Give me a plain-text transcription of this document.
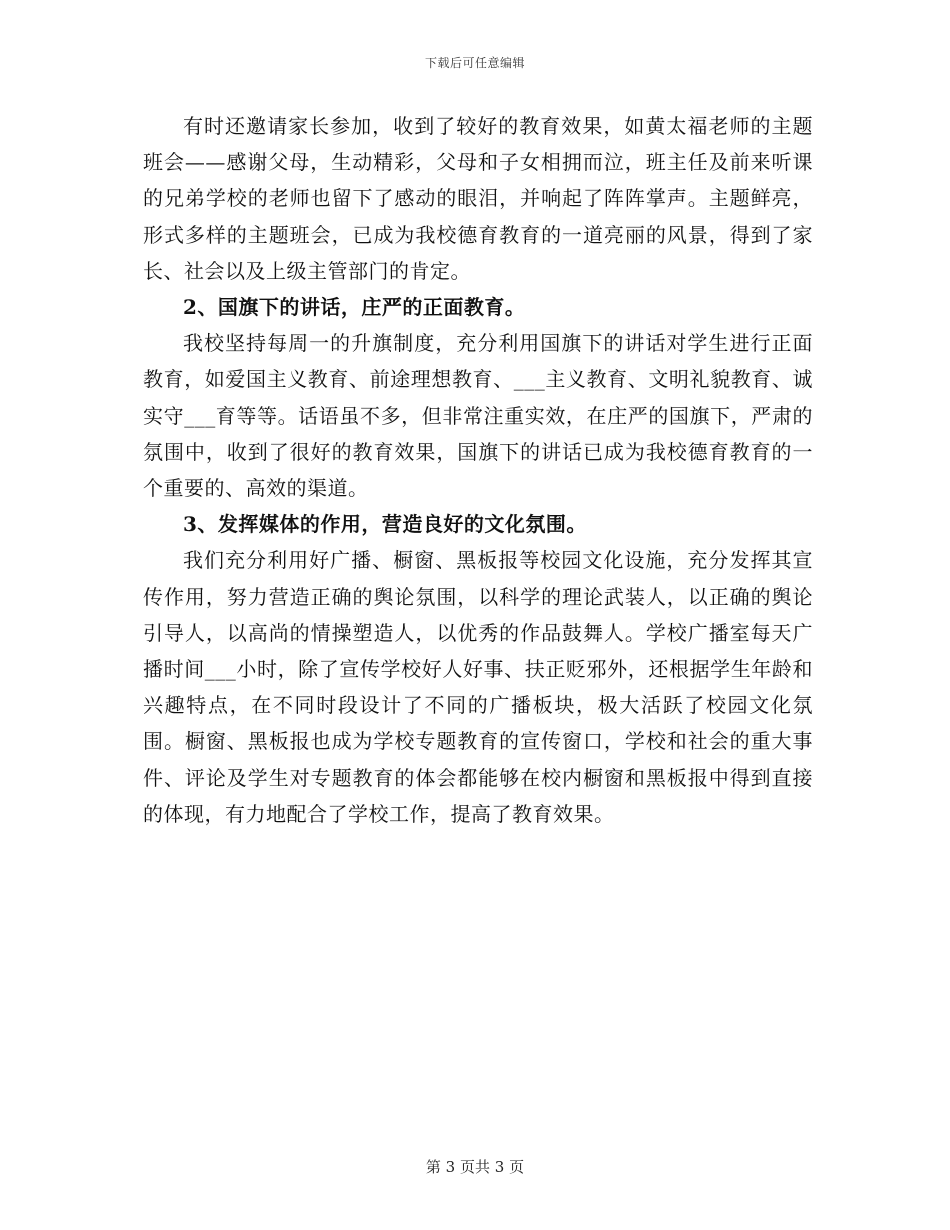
下载后可任意编辑

有时还邀请家长参加，收到了较好的教育效果，如黄太福老师的主题班会——感谢父母，生动精彩，父母和子女相拥而泣，班主任及前来听课的兄弟学校的老师也留下了感动的眼泪，并响起了阵阵掌声。主题鲜亮，形式多样的主题班会，已成为我校德育教育的一道亮丽的风景，得到了家长、社会以及上级主管部门的肯定。

2、国旗下的讲话，庄严的正面教育。

我校坚持每周一的升旗制度，充分利用国旗下的讲话对学生进行正面教育，如爱国主义教育、前途理想教育、___主义教育、文明礼貌教育、诚实守___育等等。话语虽不多，但非常注重实效，在庄严的国旗下，严肃的氛围中，收到了很好的教育效果，国旗下的讲话已成为我校德育教育的一个重要的、高效的渠道。

3、发挥媒体的作用，营造良好的文化氛围。

我们充分利用好广播、橱窗、黑板报等校园文化设施，充分发挥其宣传作用，努力营造正确的舆论氛围，以科学的理论武装人，以正确的舆论引导人，以高尚的情操塑造人，以优秀的作品鼓舞人。学校广播室每天广播时间___小时，除了宣传学校好人好事、扶正贬邪外，还根据学生年龄和兴趣特点，在不同时段设计了不同的广播板块，极大活跃了校园文化氛围。橱窗、黑板报也成为学校专题教育的宣传窗口，学校和社会的重大事件、评论及学生对专题教育的体会都能够在校内橱窗和黑板报中得到直接的体现，有力地配合了学校工作，提高了教育效果。

第 3 页共 3 页
